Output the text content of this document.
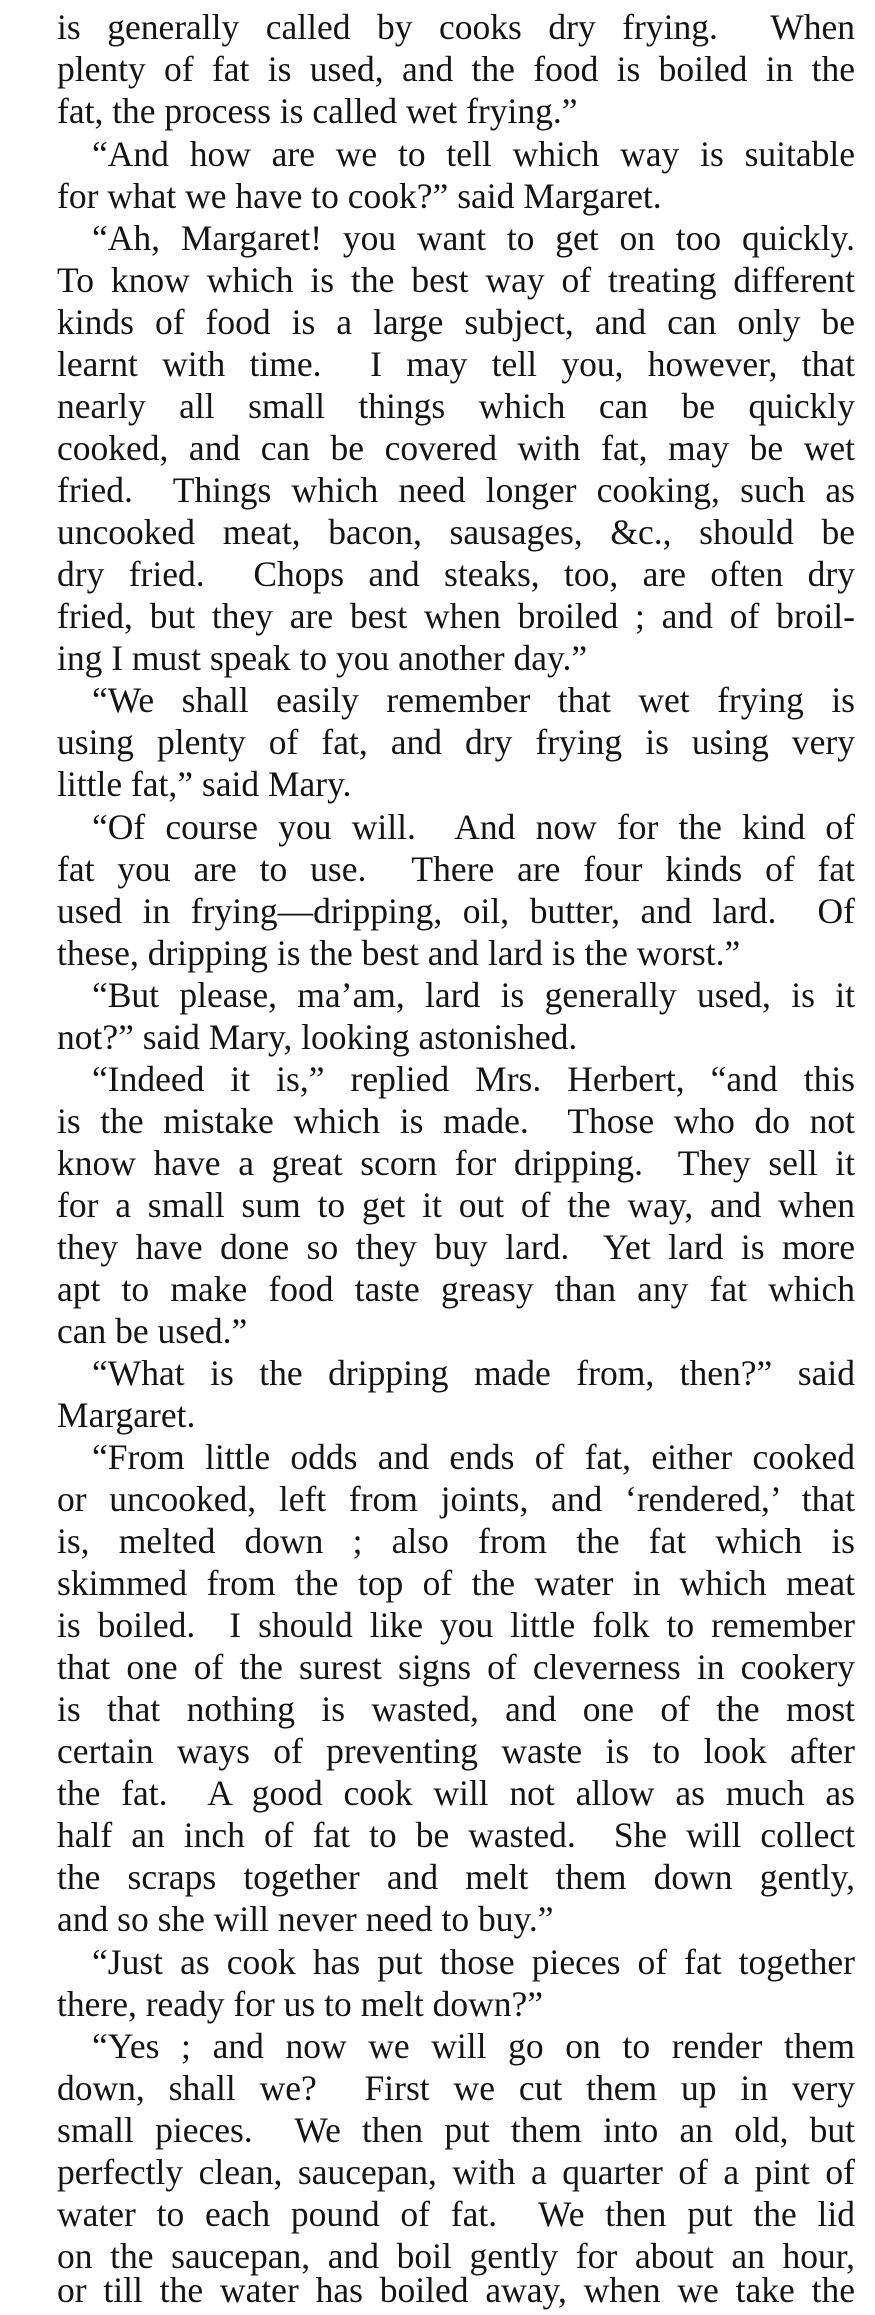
is generally called by cooks dry frying.  When
plenty of fat is used, and the food is boiled in the
fat, the process is called wet frying.”
“And how are we to tell which way is suitable
for what we have to cook?” said Margaret.
“Ah, Margaret! you want to get on too quickly.
To know which is the best way of treating different
kinds of food is a large subject, and can only be
learnt with time.  I may tell you, however, that
nearly all small things which can be quickly
cooked, and can be covered with fat, may be wet
fried.  Things which need longer cooking, such as
uncooked meat, bacon, sausages, &c., should be
dry fried.  Chops and steaks, too, are often dry
fried, but they are best when broiled ; and of broil-
ing I must speak to you another day.”
“We shall easily remember that wet frying is
using plenty of fat, and dry frying is using very
little fat,” said Mary.
“Of course you will.  And now for the kind of
fat you are to use.  There are four kinds of fat
used in frying—dripping, oil, butter, and lard.  Of
these, dripping is the best and lard is the worst.”
“But please, ma’am, lard is generally used, is it
not?” said Mary, looking astonished.
“Indeed it is,” replied Mrs. Herbert, “and this
is the mistake which is made.  Those who do not
know have a great scorn for dripping.  They sell it
for a small sum to get it out of the way, and when
they have done so they buy lard.  Yet lard is more
apt to make food taste greasy than any fat which
can be used.”
“What is the dripping made from, then?” said
Margaret.
“From little odds and ends of fat, either cooked
or uncooked, left from joints, and ‘rendered,’ that
is, melted down ; also from the fat which is
skimmed from the top of the water in which meat
is boiled.  I should like you little folk to remember
that one of the surest signs of cleverness in cookery
is that nothing is wasted, and one of the most
certain ways of preventing waste is to look after
the fat.  A good cook will not allow as much as
half an inch of fat to be wasted.  She will collect
the scraps together and melt them down gently,
and so she will never need to buy.”
“Just as cook has put those pieces of fat together
there, ready for us to melt down?”
“Yes ; and now we will go on to render them
down, shall we?  First we cut them up in very
small pieces.  We then put them into an old, but
perfectly clean, saucepan, with a quarter of a pint of
water to each pound of fat.  We then put the lid
on the saucepan, and boil gently for about an hour,
or till the water has boiled away, when we take the
